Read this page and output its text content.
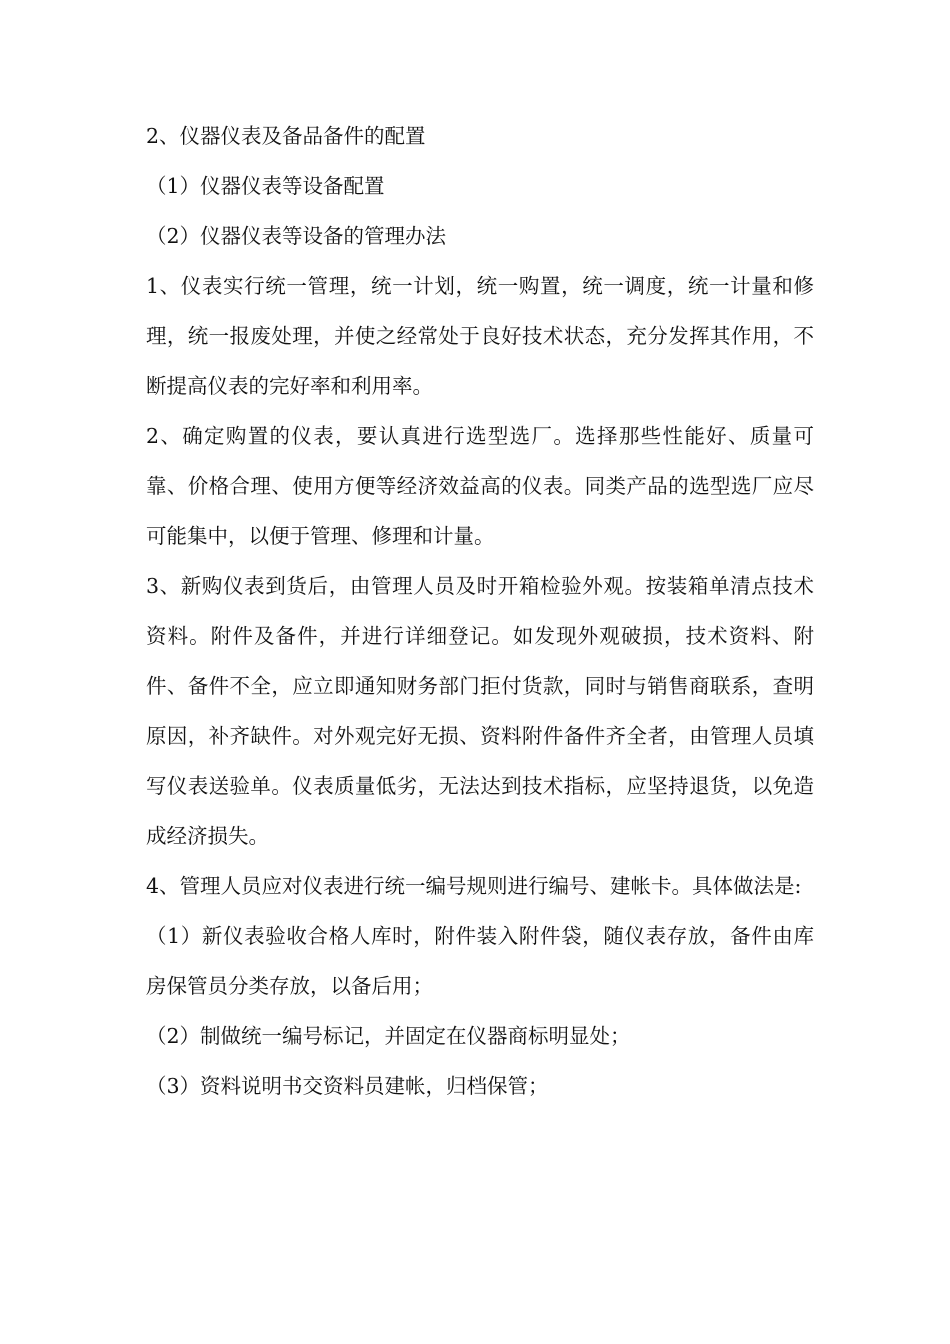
2、仪器仪表及备品备件的配置

（1）仪器仪表等设备配置

（2）仪器仪表等设备的管理办法

1、仪表实行统一管理，统一计划，统一购置，统一调度，统一计量和修理，统一报废处理，并使之经常处于良好技术状态，充分发挥其作用，不断提高仪表的完好率和利用率。

2、确定购置的仪表，要认真进行选型选厂。选择那些性能好、质量可靠、价格合理、使用方便等经济效益高的仪表。同类产品的选型选厂应尽可能集中，以便于管理、修理和计量。

3、新购仪表到货后，由管理人员及时开箱检验外观。按装箱单清点技术资料。附件及备件，并进行详细登记。如发现外观破损，技术资料、附件、备件不全，应立即通知财务部门拒付货款，同时与销售商联系，查明原因，补齐缺件。对外观完好无损、资料附件备件齐全者，由管理人员填写仪表送验单。仪表质量低劣，无法达到技术指标，应坚持退货，以免造成经济损失。

4、管理人员应对仪表进行统一编号规则进行编号、建帐卡。具体做法是:

（1）新仪表验收合格人库时，附件装入附件袋，随仪表存放，备件由库房保管员分类存放，以备后用；

（2）制做统一编号标记，并固定在仪器商标明显处；

（3）资料说明书交资料员建帐，归档保管；
